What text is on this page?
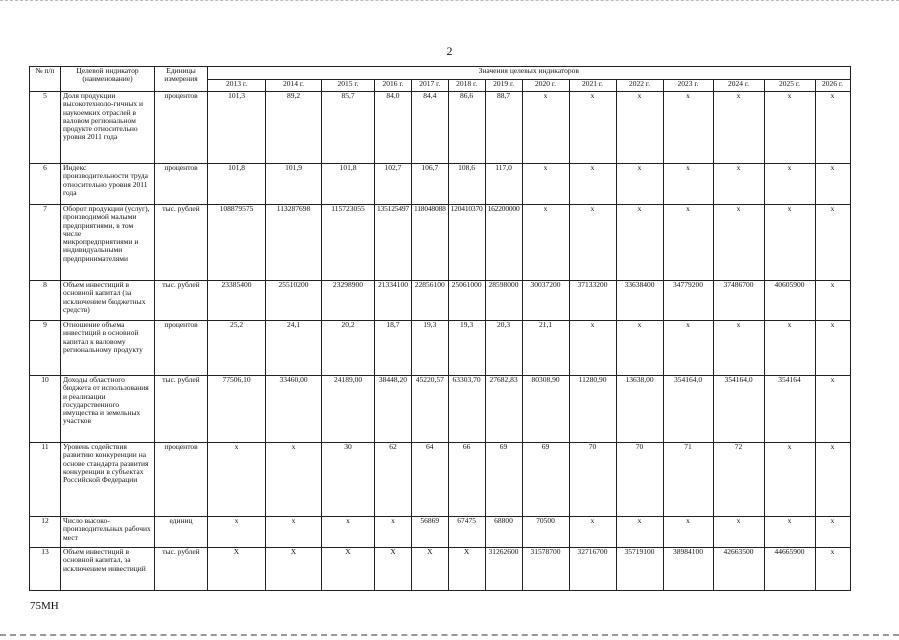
2
№ п/п	Целевой индикатор (наименование)	Единицы измерения	Значения целевых индикаторов													
			2013 г.	2014 г.	2015 г.	2016 г.	2017 г.	2018 г.	2019 г.	2020 г.	2021 г.	2022 г.	2023 г.	2024 г.	2025 г.	2026 г.
5	Доля продукции высокотехноло-гичных и наукоемких отраслей в валовом региональном продукте относительно уровня 2011 года	процентов	101,3	89,2	85,7	84,0	84,4	86,6	88,7	x	x	x	x	x	x	x
6	Индекс производительности труда относительно уровня 2011 года	процентов	101,8	101,9	101,8	102,7	106,7	108,6	117,0	x	x	x	x	x	x	x
7	Оборот продукции (услуг), производимой малыми предприятиями, в том числе микропредприятиями и индивидуальными предпринимателями	тыс. рублей	108879575	113287698	115723055	135125497	118048088	120410370	162200000	x	x	x	x	x	x	x
8	Объем инвестиций в основной капитал (за исключением бюджетных средств)	тыс. рублей	23385400	25510200	23298900	21334100	22856100	25061000	28598000	30037200	37133200	33638400	34779200	37486700	40605900	x
9	Отношение объема инвестиций в основной капитал к валовому региональному продукту	процентов	25,2	24,1	20,2	18,7	19,3	19,3	20,3	21,1	x	x	x	x	x	x
10	Доходы областного бюджета от использования и реализации государственного имущества и земельных участков	тыс. рублей	77506,10	33460,00	24189,00	38448,20	45220,57	63303,70	27682,83	80308,90	11280,90	13638,00	354164,0	354164,0	354164	x
11	Уровень содействия развитию конкуренции на основе стандарта развития конкуренции в субъектах Российской Федерации	процентов	x	x	30	62	64	66	69	69	70	70	71	72	x	x
12	Число высоко-производительных рабочих мест	единиц	x	x	x	x	56869	67475	68800	70500	x	x	x	x	x	x
13	Объем инвестиций в основной капитал, за исключением инвестиций	тыс. рублей	X	X	X	X	X	X	31262600	31578700	32716700	35719100	38984100	42663500	44665900	x
75MH
